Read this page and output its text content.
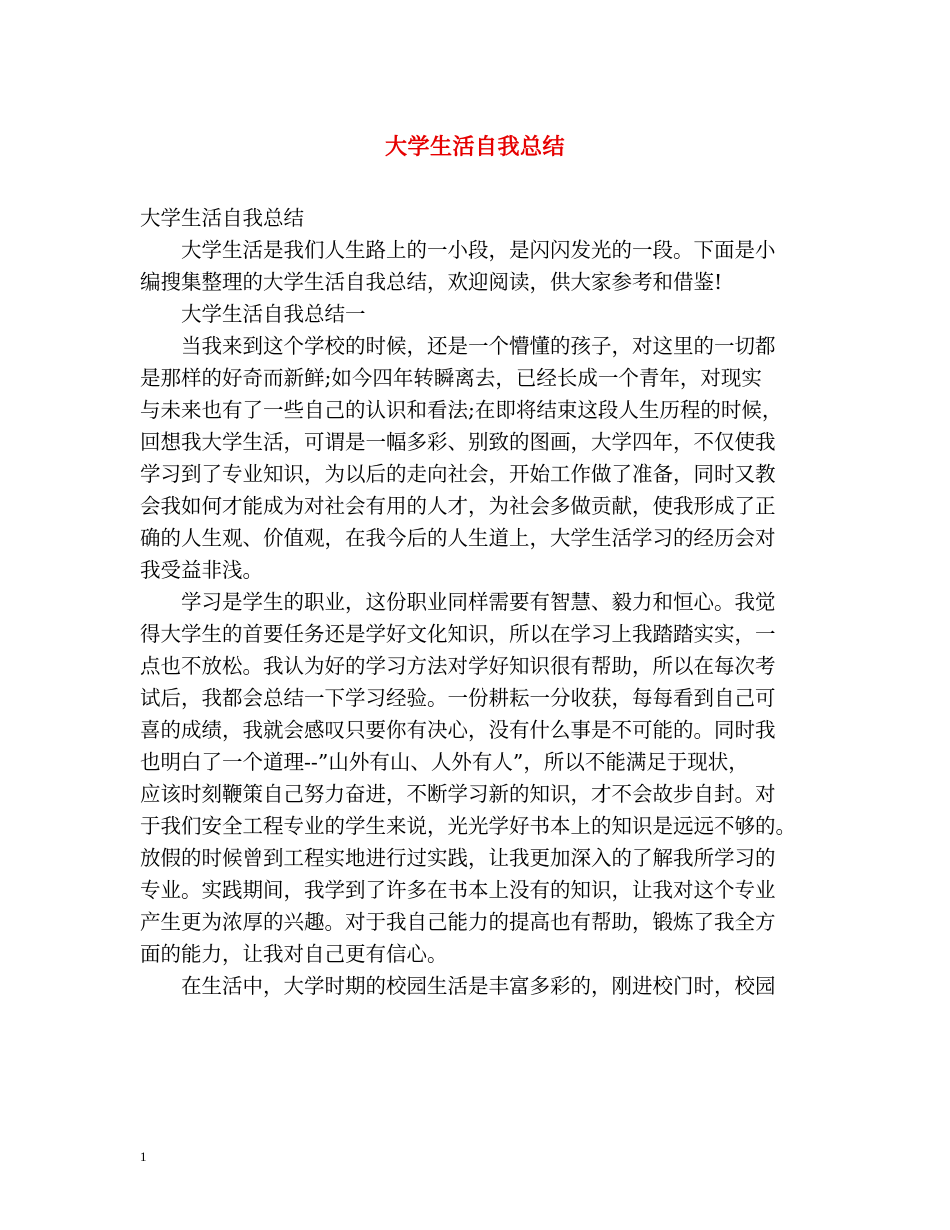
大学生活自我总结
大学生活自我总结
大学生活是我们人生路上的一小段，是闪闪发光的一段。下面是小
编搜集整理的大学生活自我总结，欢迎阅读，供大家参考和借鉴!
大学生活自我总结一
当我来到这个学校的时候，还是一个懵懂的孩子，对这里的一切都
是那样的好奇而新鲜;如今四年转瞬离去，已经长成一个青年，对现实
与未来也有了一些自己的认识和看法;在即将结束这段人生历程的时候，
回想我大学生活，可谓是一幅多彩、别致的图画，大学四年，不仅使我
学习到了专业知识，为以后的走向社会，开始工作做了准备，同时又教
会我如何才能成为对社会有用的人才，为社会多做贡献，使我形成了正
确的人生观、价值观，在我今后的人生道上，大学生活学习的经历会对
我受益非浅。
学习是学生的职业，这份职业同样需要有智慧、毅力和恒心。我觉
得大学生的首要任务还是学好文化知识，所以在学习上我踏踏实实，一
点也不放松。我认为好的学习方法对学好知识很有帮助，所以在每次考
试后，我都会总结一下学习经验。一份耕耘一分收获，每每看到自己可
喜的成绩，我就会感叹只要你有决心，没有什么事是不可能的。同时我
也明白了一个道理--”山外有山、人外有人”，所以不能满足于现状，
应该时刻鞭策自己努力奋进，不断学习新的知识，才不会故步自封。对
于我们安全工程专业的学生来说，光光学好书本上的知识是远远不够的。
放假的时候曾到工程实地进行过实践，让我更加深入的了解我所学习的
专业。实践期间，我学到了许多在书本上没有的知识，让我对这个专业
产生更为浓厚的兴趣。对于我自己能力的提高也有帮助，锻炼了我全方
面的能力，让我对自己更有信心。
在生活中，大学时期的校园生活是丰富多彩的，刚进校门时，校园
1
